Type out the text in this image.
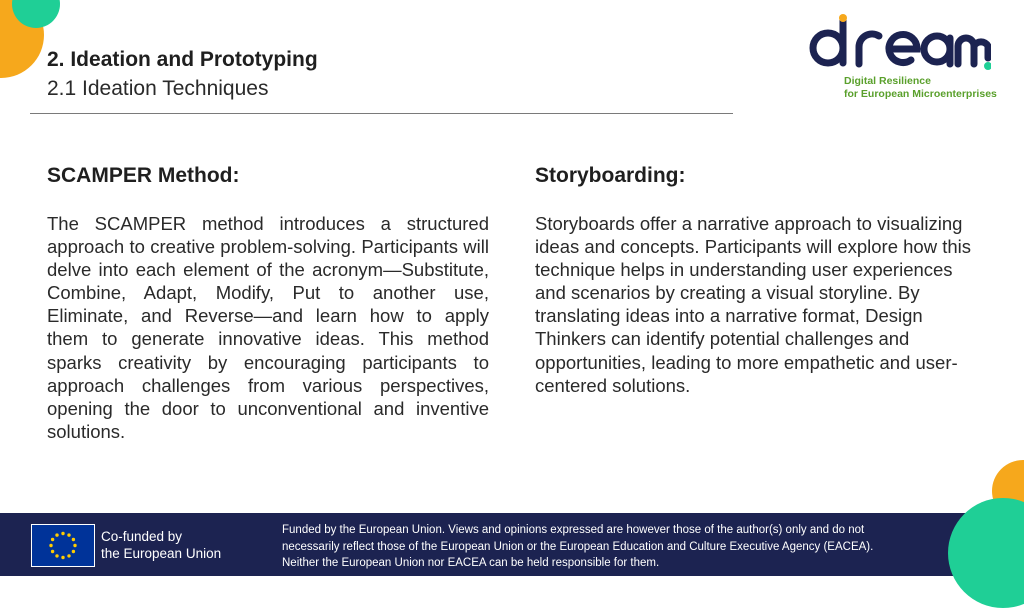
2. Ideation and Prototyping
2.1 Ideation Techniques	Digital Resilience
for European Microenterprises
SCAMPER Method:
The SCAMPER method introduces a structured approach to creative problem-solving. Participants will delve into each element of the acronym—Substitute, Combine, Adapt, Modify, Put to another use, Eliminate, and Reverse—and learn how to apply them to generate innovative ideas. This method sparks creativity by encouraging participants to approach challenges from various perspectives, opening the door to unconventional and inventive solutions.
Storyboarding:
Storyboards offer a narrative approach to visualizing ideas and concepts. Participants will explore how this technique helps in understanding user experiences and scenarios by creating a visual storyline. By translating ideas into a narrative format, Design Thinkers can identify potential challenges and opportunities, leading to more empathetic and user-centered solutions.
Co-funded by
the European Union
Funded by the European Union. Views and opinions expressed are however those of the author(s) only and do not
necessarily reflect those of the European Union or the European Education and Culture Executive Agency (EACEA).
Neither the European Union nor EACEA can be held responsible for them.
